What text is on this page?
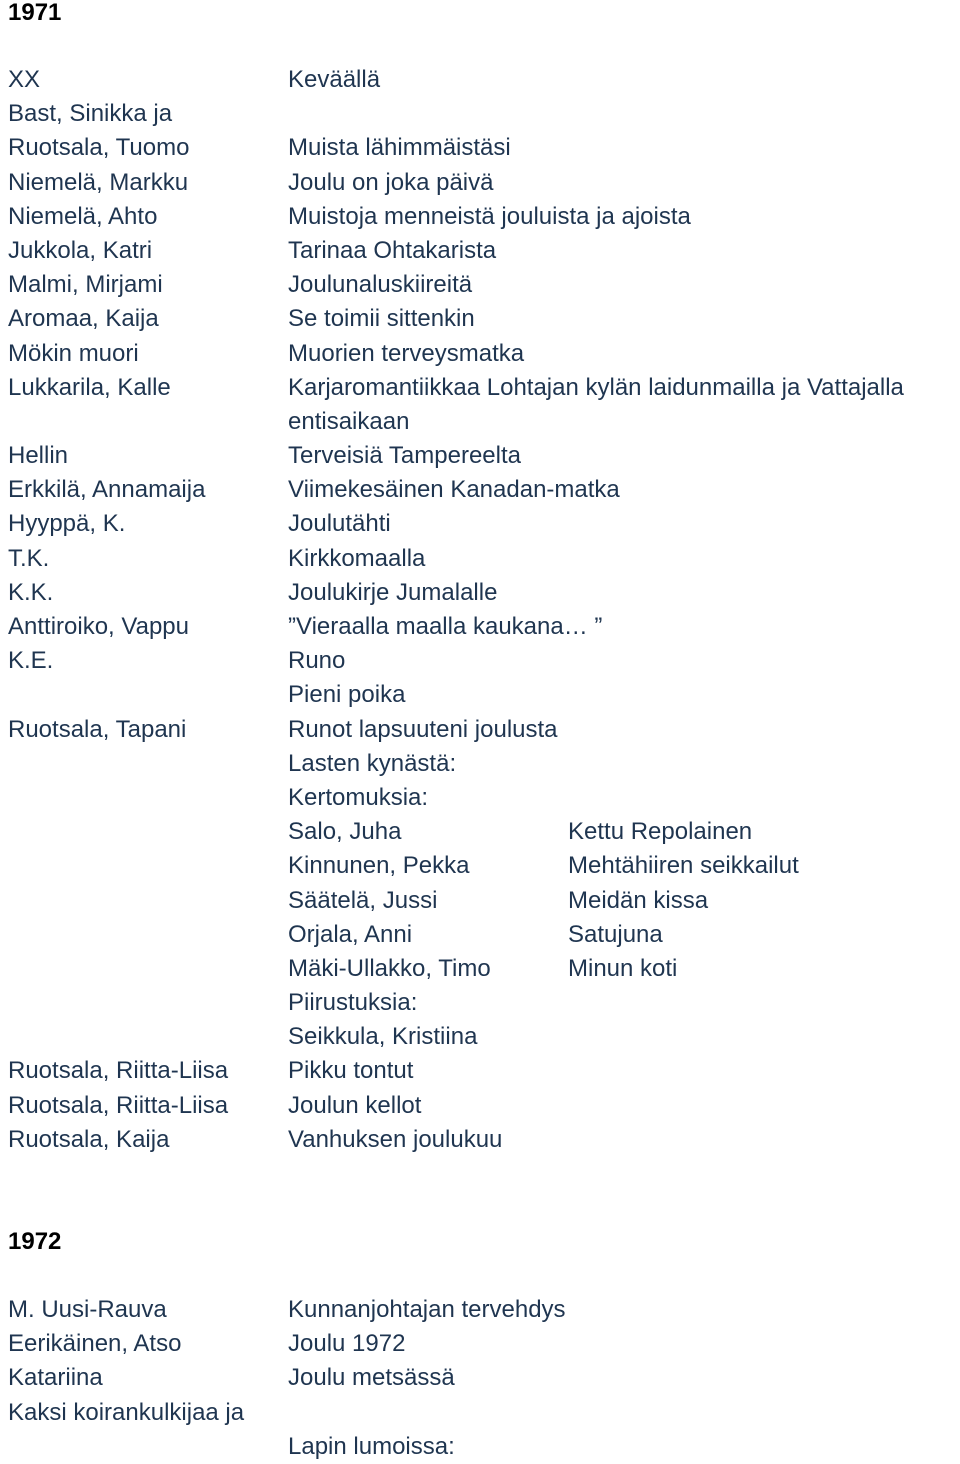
1971
XX	Keväällä
Bast, Sinikka ja
Ruotsala, Tuomo	Muista lähimmäistäsi
Niemelä, Markku	Joulu on joka päivä
Niemelä, Ahto	Muistoja menneistä jouluista ja ajoista
Jukkola, Katri	Tarinaa Ohtakarista
Malmi, Mirjami	Joulunaluskiireitä
Aromaa, Kaija	Se toimii sittenkin
Mökin muori	Muorien terveysmatka
Lukkarila, Kalle	Karjaromantiikkaa Lohtajan kylän laidunmailla ja Vattajalla
entisaikaan
Hellin	Terveisiä Tampereelta
Erkkilä, Annamaija	Viimekesäinen Kanadan-matka
Hyyppä, K.	Joulutähti
T.K.	Kirkkomaalla
K.K.	Joulukirje Jumalalle
Anttiroiko, Vappu	”Vieraalla maalla kaukana… ”
K.E.	Runo
Pieni poika
Ruotsala, Tapani	Runot lapsuuteni joulusta
Lasten kynästä:
Kertomuksia:
Salo, Juha	Kettu Repolainen
Kinnunen, Pekka	Mehtähiiren seikkailut
Säätelä, Jussi	Meidän kissa
Orjala, Anni	Satujuna
Mäki-Ullakko, Timo	Minun koti
Piirustuksia:
Seikkula, Kristiina
Ruotsala, Riitta-Liisa Pikku tontut
Ruotsala, Riitta-Liisa Joulun kellot
Ruotsala, Kaija	Vanhuksen joulukuu
1972
M. Uusi-Rauva	Kunnanjohtajan tervehdys
Eerikäinen, Atso	Joulu 1972
Katariina	Joulu metsässä
Kaksi koirankulkijaa ja
Lapin lumoissa:
